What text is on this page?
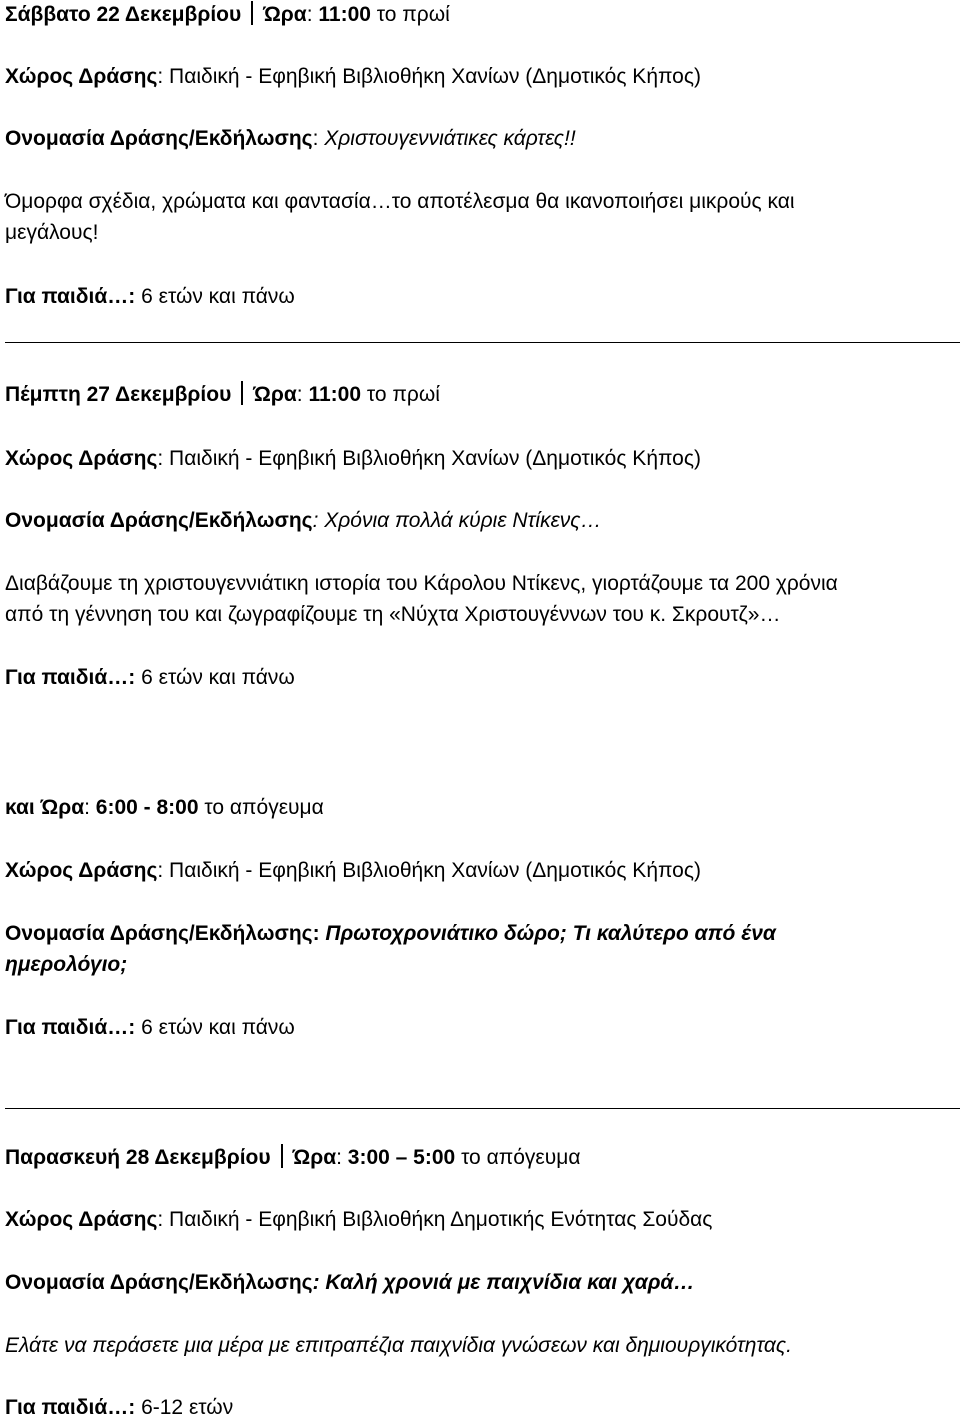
Σάββατο 22 Δεκεμβρίου Ώρα: 11:00 το πρωί
Χώρος Δράσης: Παιδική - Εφηβική Βιβλιοθήκη Χανίων (Δημοτικός Κήπος)
Ονομασία Δράσης/Εκδήλωσης: Χριστουγεννιάτικες κάρτες!!
Όμορφα σχέδια, χρώματα και φαντασία…το αποτέλεσμα θα ικανοποιήσει μικρούς και
μεγάλους!
Για παιδιά…: 6 ετών και πάνω
Πέμπτη 27 Δεκεμβρίου Ώρα: 11:00 το πρωί
Χώρος Δράσης: Παιδική - Εφηβική Βιβλιοθήκη Χανίων (Δημοτικός Κήπος)
Ονομασία Δράσης/Εκδήλωσης: Χρόνια πολλά κύριε Ντίκενς…
Διαβάζουμε τη χριστουγεννιάτικη ιστορία του Κάρολου Ντίκενς, γιορτάζουμε τα 200 χρόνια
από τη γέννηση του και ζωγραφίζουμε τη «Νύχτα Χριστουγέννων του κ. Σκρουτζ»…
Για παιδιά…: 6 ετών και πάνω
και Ώρα: 6:00 - 8:00 το απόγευμα
Χώρος Δράσης: Παιδική - Εφηβική Βιβλιοθήκη Χανίων (Δημοτικός Κήπος)
Ονομασία Δράσης/Εκδήλωσης: Πρωτοχρονιάτικο δώρο; Τι καλύτερο από ένα
ημερολόγιο;
Για παιδιά…: 6 ετών και πάνω
Παρασκευή 28 Δεκεμβρίου Ώρα: 3:00 – 5:00 το απόγευμα
Χώρος Δράσης: Παιδική - Εφηβική Βιβλιοθήκη Δημοτικής Ενότητας Σούδας
Ονομασία Δράσης/Εκδήλωσης: Καλή χρονιά με παιχνίδια και χαρά…
Ελάτε να περάσετε μια μέρα με επιτραπέζια παιχνίδια γνώσεων και δημιουργικότητας.
Για παιδιά…: 6-12 ετών
